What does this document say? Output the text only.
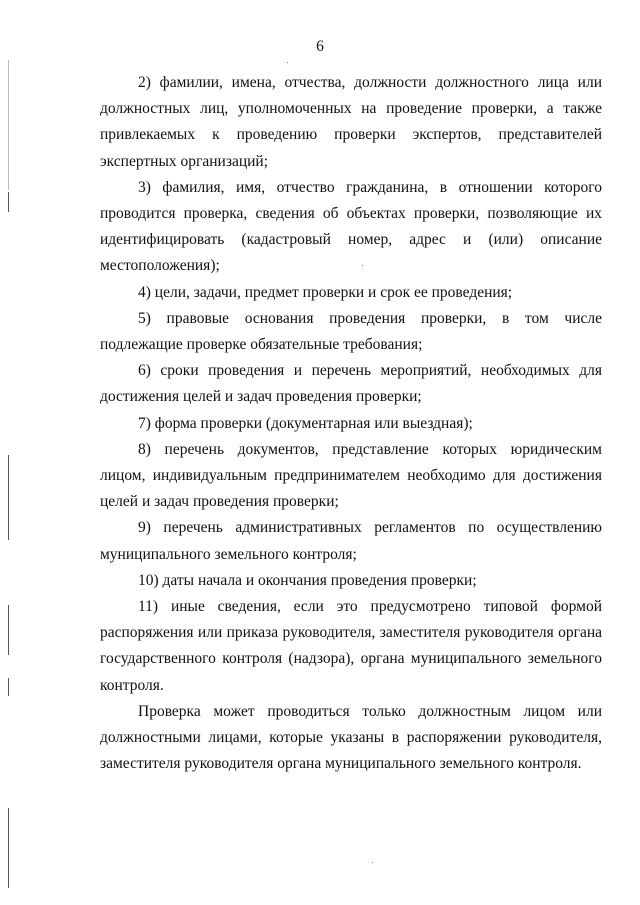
6

2) фамилии, имена, отчества, должности должностного лица или должностных лиц, уполномоченных на проведение проверки, а также привлекаемых к проведению проверки экспертов, представителей экспертных организаций;

3) фамилия, имя, отчество гражданина, в отношении которого проводится проверка, сведения об объектах проверки, позволяющие их идентифицировать (кадастровый номер, адрес и (или) описание местоположения);

4) цели, задачи, предмет проверки и срок ее проведения;

5) правовые основания проведения проверки, в том числе подлежащие проверке обязательные требования;

6) сроки проведения и перечень мероприятий, необходимых для достижения целей и задач проведения проверки;

7) форма проверки (документарная или выездная);

8) перечень документов, представление которых юридическим лицом, индивидуальным предпринимателем необходимо для достижения целей и задач проведения проверки;

9) перечень административных регламентов по осуществлению муниципального земельного контроля;

10) даты начала и окончания проведения проверки;

11) иные сведения, если это предусмотрено типовой формой распоряжения или приказа руководителя, заместителя руководителя органа государственного контроля (надзора), органа муниципального земельного контроля.

Проверка может проводиться только должностным лицом или должностными лицами, которые указаны в распоряжении руководителя, заместителя руководителя органа муниципального земельного контроля.
